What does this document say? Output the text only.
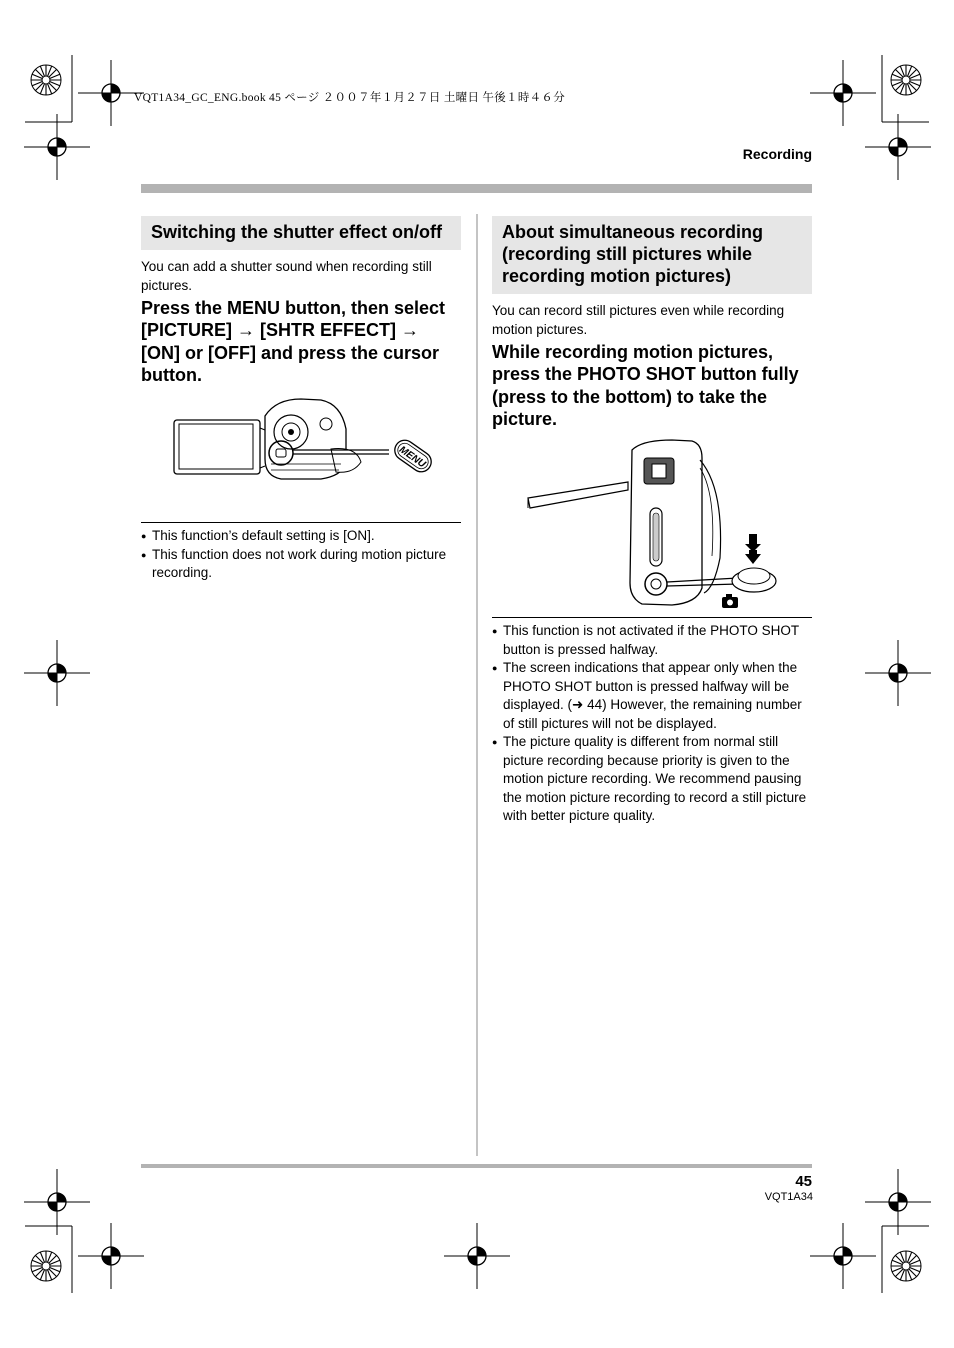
VQT1A34_GC_ENG.book 45 ページ ２００７年１月２７日 土曜日 午後１時４６分
Recording
Switching the shutter effect on/off
You can add a shutter sound when recording still pictures.
Press the MENU button, then select [PICTURE] → [SHTR EFFECT] → [ON] or [OFF] and press the cursor button.
MENU
● This function’s default setting is [ON].
● This function does not work during motion picture recording.
About simultaneous recording (recording still pictures while recording motion pictures)
You can record still pictures even while recording motion pictures.
While recording motion pictures, press the PHOTO SHOT button fully (press to the bottom) to take the picture.
● This function is not activated if the PHOTO SHOT button is pressed halfway.
● The screen indications that appear only when the PHOTO SHOT button is pressed halfway will be displayed. (➜ 44) However, the remaining number of still pictures will not be displayed.
● The picture quality is different from normal still picture recording because priority is given to the motion picture recording. We recommend pausing the motion picture recording to record a still picture with better picture quality.
45
VQT1A34
